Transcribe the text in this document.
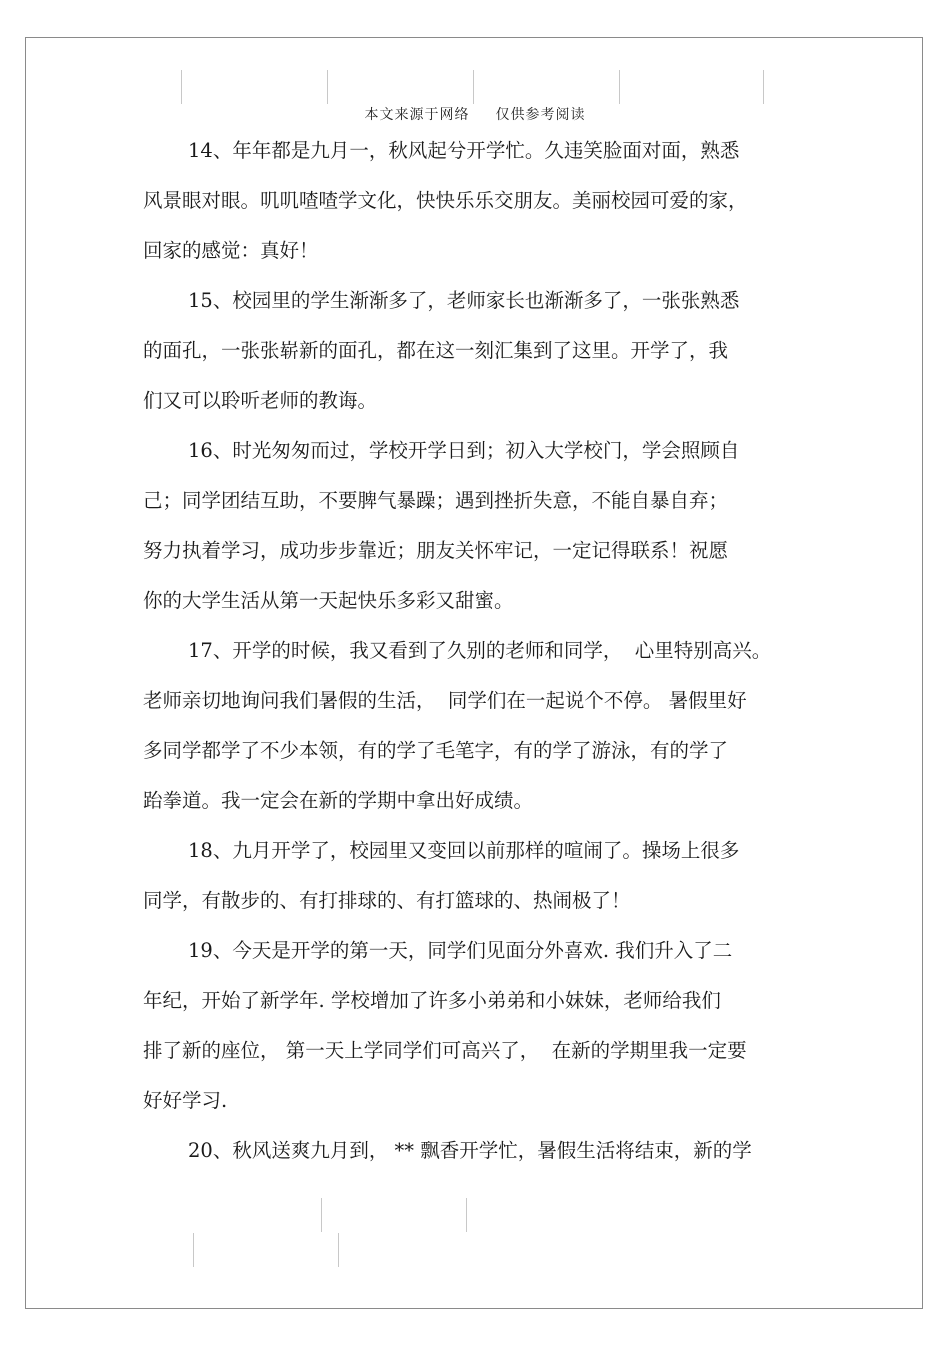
本文来源于网络 仅供参考阅读
14、年年都是九月一，秋风起兮开学忙。久违笑脸面对面，熟悉
风景眼对眼。叽叽喳喳学文化，快快乐乐交朋友。美丽校园可爱的家，
回家的感觉：真好！
15、校园里的学生渐渐多了，老师家长也渐渐多了，一张张熟悉
的面孔，一张张崭新的面孔，都在这一刻汇集到了这里。开学了，我
们又可以聆听老师的教诲。
16、时光匆匆而过，学校开学日到；初入大学校门，学会照顾自
己；同学团结互助，不要脾气暴躁；遇到挫折失意，不能自暴自弃；
努力执着学习，成功步步靠近；朋友关怀牢记，一定记得联系！祝愿
你的大学生活从第一天起快乐多彩又甜蜜。
17、开学的时候，我又看到了久别的老师和同学，  心里特别高兴。
老师亲切地询问我们暑假的生活，  同学们在一起说个不停。 暑假里好
多同学都学了不少本领，有的学了毛笔字，有的学了游泳，有的学了
跆拳道。我一定会在新的学期中拿出好成绩。
18、九月开学了，校园里又变回以前那样的喧闹了。操场上很多
同学，有散步的、有打排球的、有打篮球的、热闹极了！
19、今天是开学的第一天，同学们见面分外喜欢. 我们升入了二
年纪，开始了新学年. 学校增加了许多小弟弟和小妹妹，老师给我们
排了新的座位， 第一天上学同学们可高兴了，  在新的学期里我一定要
好好学习.
20、秋风送爽九月到， ** 飘香开学忙，暑假生活将结束，新的学
